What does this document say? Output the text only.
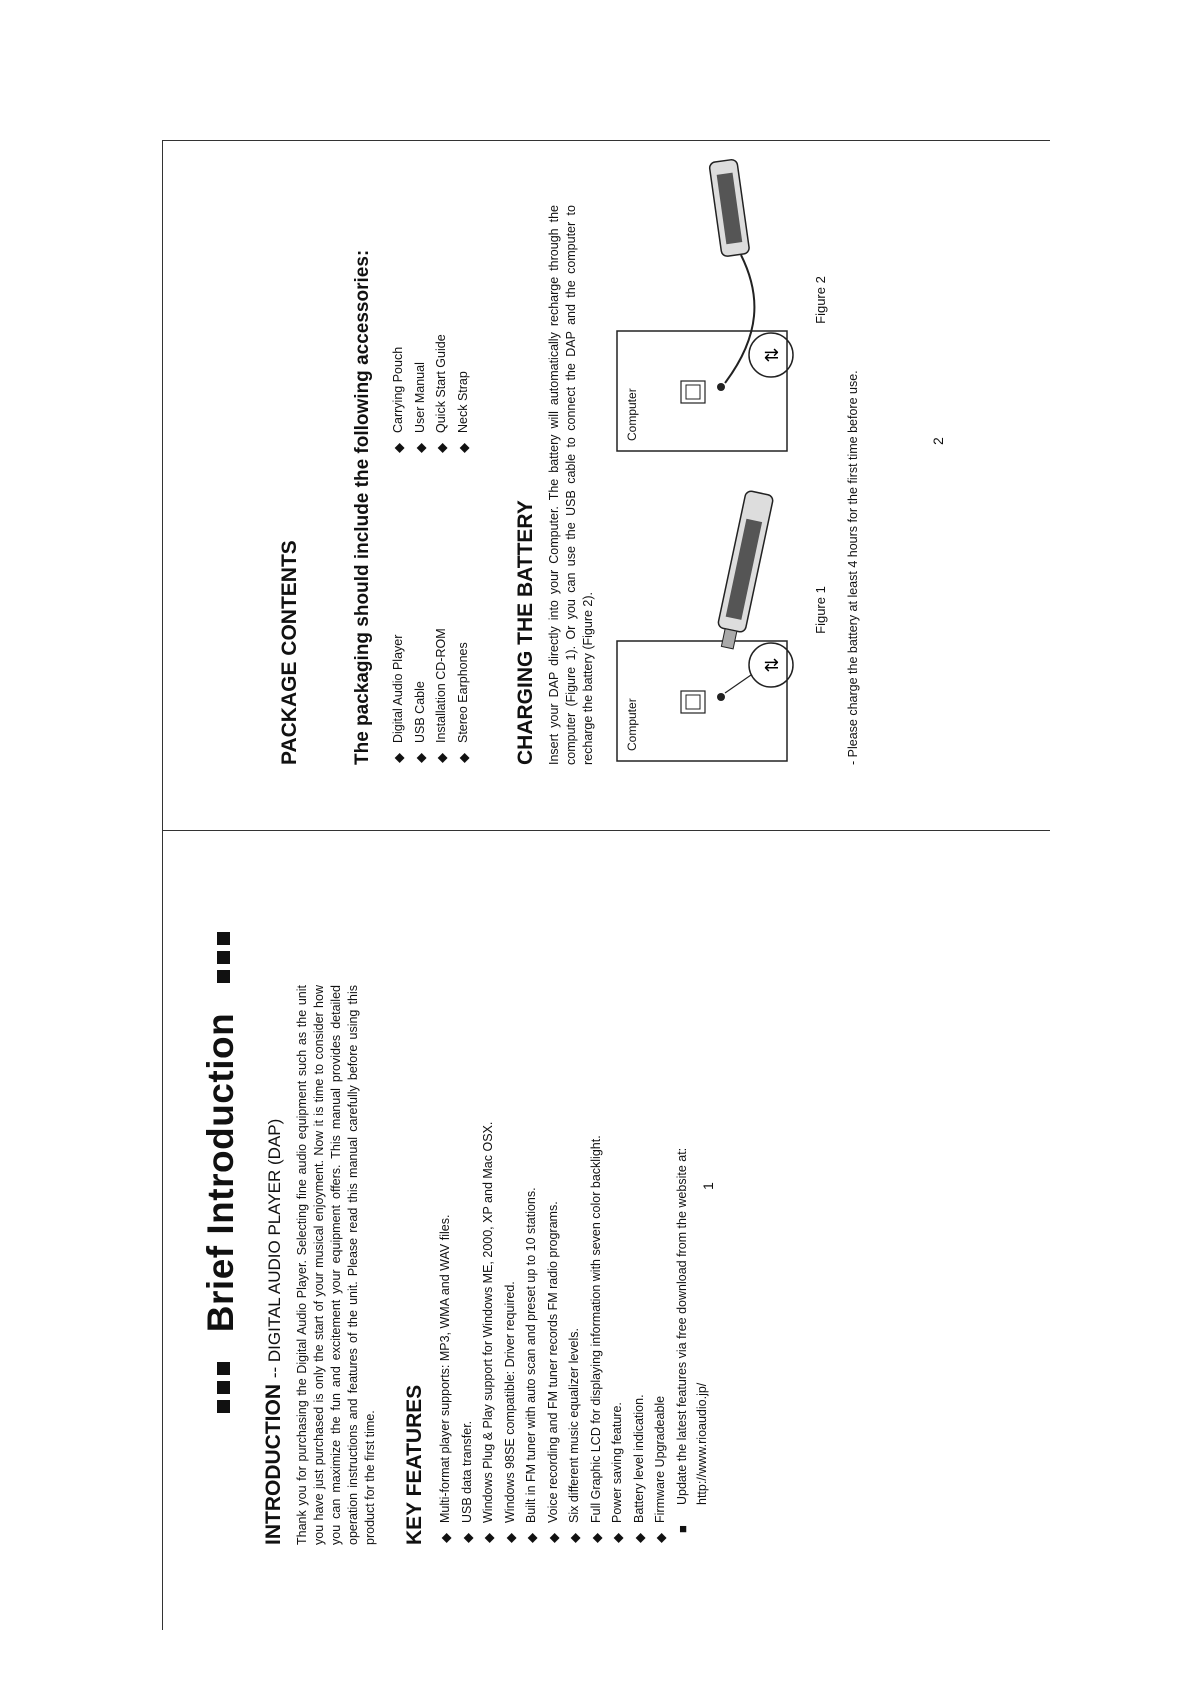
Brief Introduction
INTRODUCTION -- DIGITAL AUDIO PLAYER (DAP) Thank you for purchasing the Digital Audio Player. Selecting fine audio equipment such as the unit you have just purchased is only the start of your musical enjoyment. Now it is time to consider how you can maximize the fun and excitement your equipment offers. This manual provides detailed operation instructions and features of the unit. Please read this manual carefully before using this product for the first time. KEY FEATURES ◆
Multi-format player supports: MP3, WMA and WAV files.
◆
USB data transfer.
◆
Windows Plug & Play support for Windows ME, 2000, XP and Mac OSX.
◆
Windows 98SE compatible: Driver required.
◆
Built in FM tuner with auto scan and preset up to 10 stations.
◆
Voice recording and FM tuner records FM radio programs.
◆
Six different music equalizer levels.
◆
Full Graphic LCD for displaying information with seven color backlight.
◆
Power saving feature.
◆
Battery level indication.
◆
Firmware Upgradeable
■
Update the latest features via free download from the website at: http://www.rioaudio.jp/
1
PACKAGE CONTENTS	The packaging should include the following accessories: ◆
Digital Audio Player
◆
USB Cable
◆
Installation CD-ROM
◆
Stereo Earphones
◆
Carrying Pouch
◆
User Manual
◆
Quick Start Guide
◆
Neck Strap
CHARGING THE BATTERY Insert your DAP directly into your Computer. The battery will automatically recharge through the computer (Figure 1). Or you can use the USB cable to connect the DAP and the computer to recharge the battery (Figure 2).	⇅
Computer
Figure 1
⇅
Computer
Figure 2
- Please charge the battery at least 4 hours for the first time before use.	2
